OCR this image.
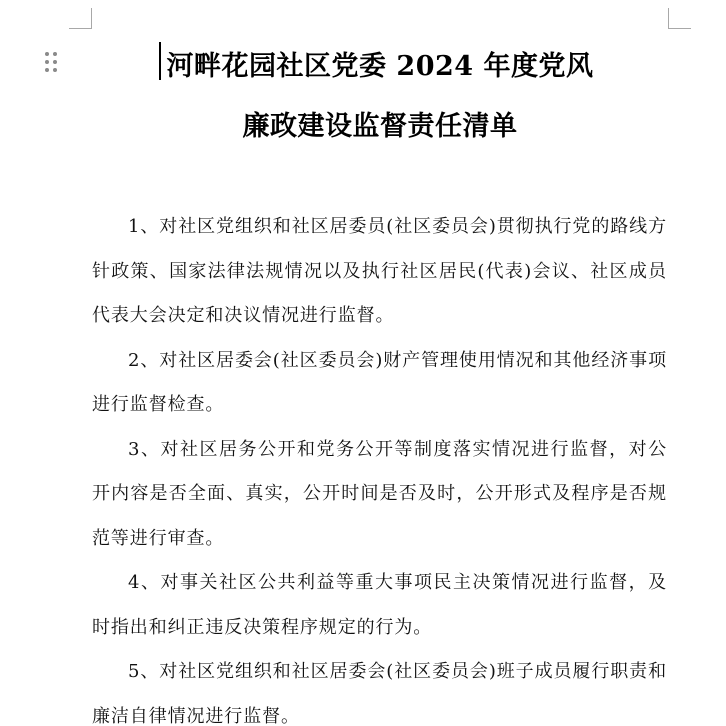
河畔花园社区党委 2024 年度党风
廉政建设监督责任清单

1、对社区党组织和社区居委员(社区委员会)贯彻执行党的路线方针政策、国家法律法规情况以及执行社区居民(代表)会议、社区成员代表大会决定和决议情况进行监督。

2、对社区居委会(社区委员会)财产管理使用情况和其他经济事项进行监督检查。

3、对社区居务公开和党务公开等制度落实情况进行监督，对公开内容是否全面、真实，公开时间是否及时，公开形式及程序是否规范等进行审查。

4、对事关社区公共利益等重大事项民主决策情况进行监督，及时指出和纠正违反决策程序规定的行为。

5、对社区党组织和社区居委会(社区委员会)班子成员履行职责和廉洁自律情况进行监督。
